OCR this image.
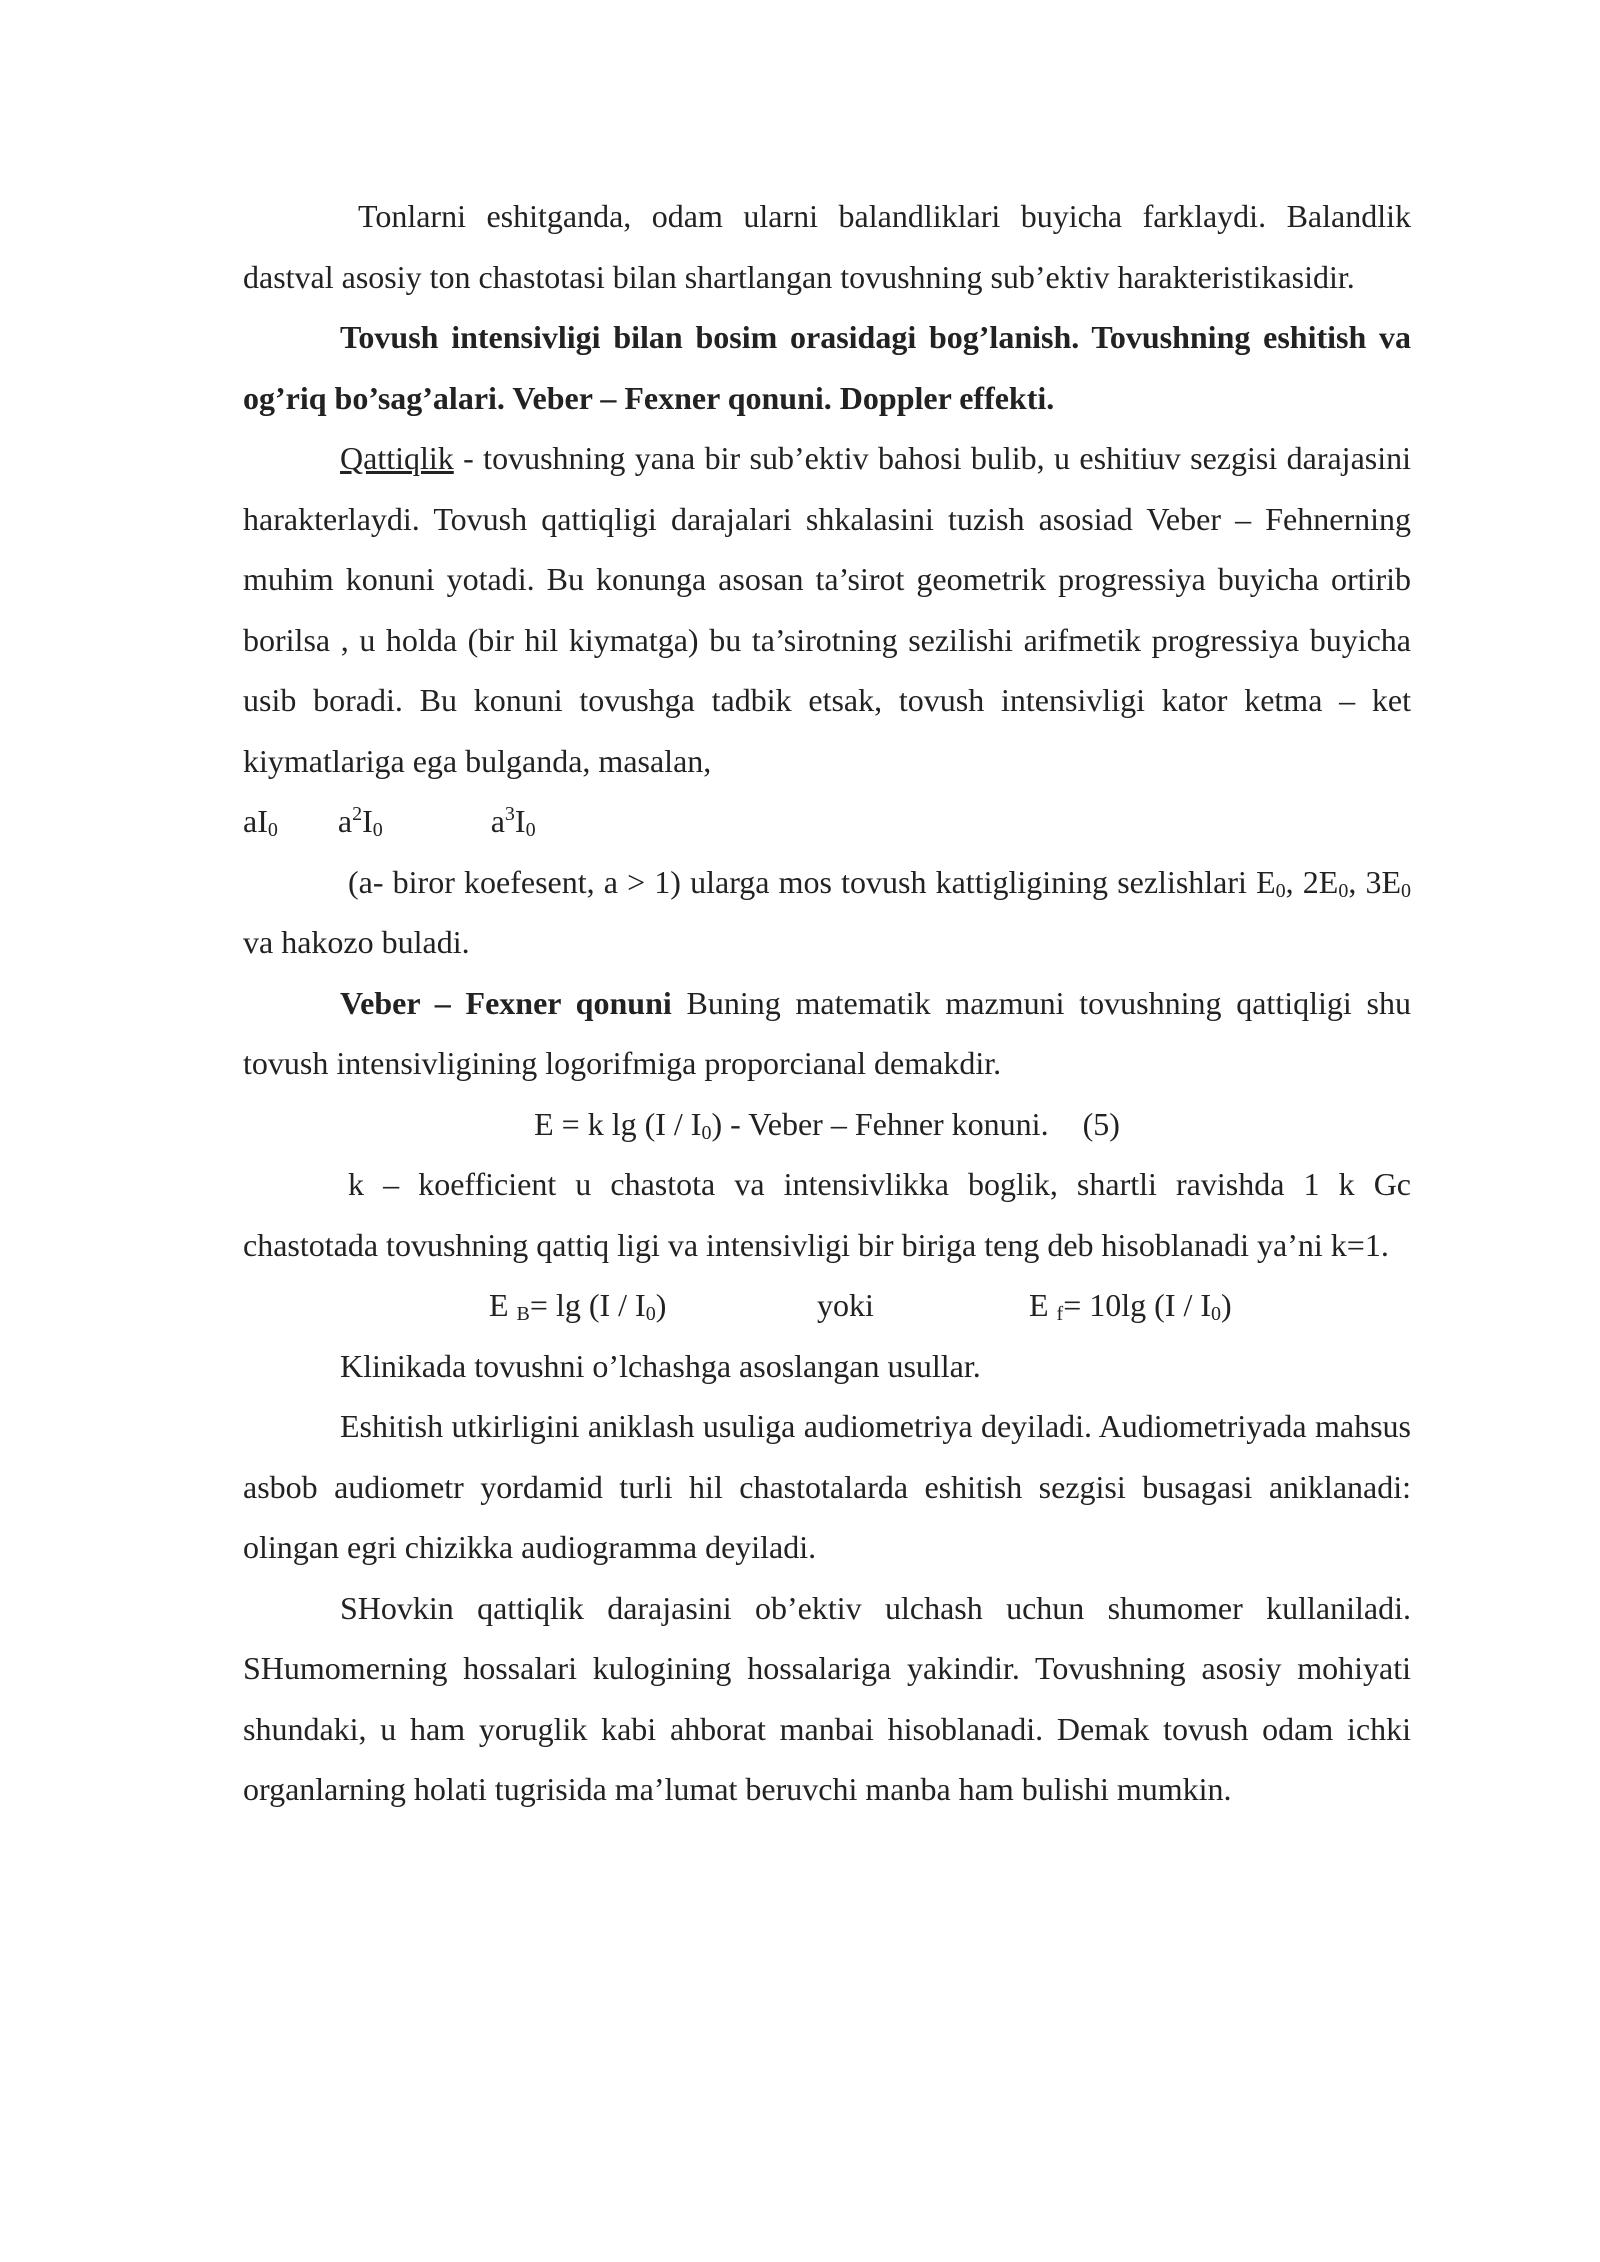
Tonlarni eshitganda, odam ularni balandliklari buyicha farklaydi. Balandlik dastval asosiy ton chastotasi bilan shartlangan tovushning sub’ektiv harakteristikasidir.

Tovush intensivligi bilan bosim orasidagi bog’lanish. Tovushning eshitish va og’riq bo’sag’alari. Veber – Fexner qonuni. Doppler effekti.

Qattiqlik - tovushning yana bir sub’ektiv bahosi bulib, u eshitiuv sezgisi darajasini harakterlaydi. Tovush qattiqligi darajalari shkalasini tuzish asosiad Veber – Fehnerning muhim konuni yotadi. Bu konunga asosan ta’sirot geometrik progressiya buyicha ortirib borilsa , u holda (bir hil kiymatga) bu ta’sirotning sezilishi arifmetik progressiya buyicha usib boradi. Bu konuni tovushga tadbik etsak, tovush intensivligi kator ketma – ket kiymatlariga ega bulganda, masalan,

$aI_0$ $a^2I_0$	$a^3I_0$

(a- biror koefesent, a > 1) ularga mos tovush kattigligining sezlishlari $E_0$, $2E_0$, $3E_0$ va hakozo buladi.

Veber – Fexner qonuni Buning matematik mazmuni tovushning qattiqligi shu tovush intensivligining logorifmiga proporcianal demakdir.

E = k $\lg (I / I_0)$ - Veber – Fehner konuni. (5)

k – koefficient u chastota va intensivlikka boglik, shartli ravishda 1 k Gc chastotada tovushning qattiq ligi va intensivligi bir biriga teng deb hisoblanadi ya’ni k=1.

E $_B= \lg (I / I_0)$	yoki	E $_f$= 10lg $(I / I_0)$

Klinikada tovushni o’lchashga asoslangan usullar.

Eshitish utkirligini aniklash usuliga audiometriya deyiladi. Audiometriyada mahsus asbob audiometr yordamid turli hil chastotalarda eshitish sezgisi busagasi aniklanadi: olingan egri chizikka audiogramma deyiladi.

SHovkin qattiqlik darajasini ob’ektiv ulchash uchun shumomer kullaniladi. SHumomerning hossalari kulogining hossalariga yakindir. Tovushning asosiy mohiyati shundaki, u ham yoruglik kabi ahborat manbai hisoblanadi. Demak tovush odam ichki organlarning holati tugrisida ma’lumat beruvchi manba ham bulishi mumkin.
